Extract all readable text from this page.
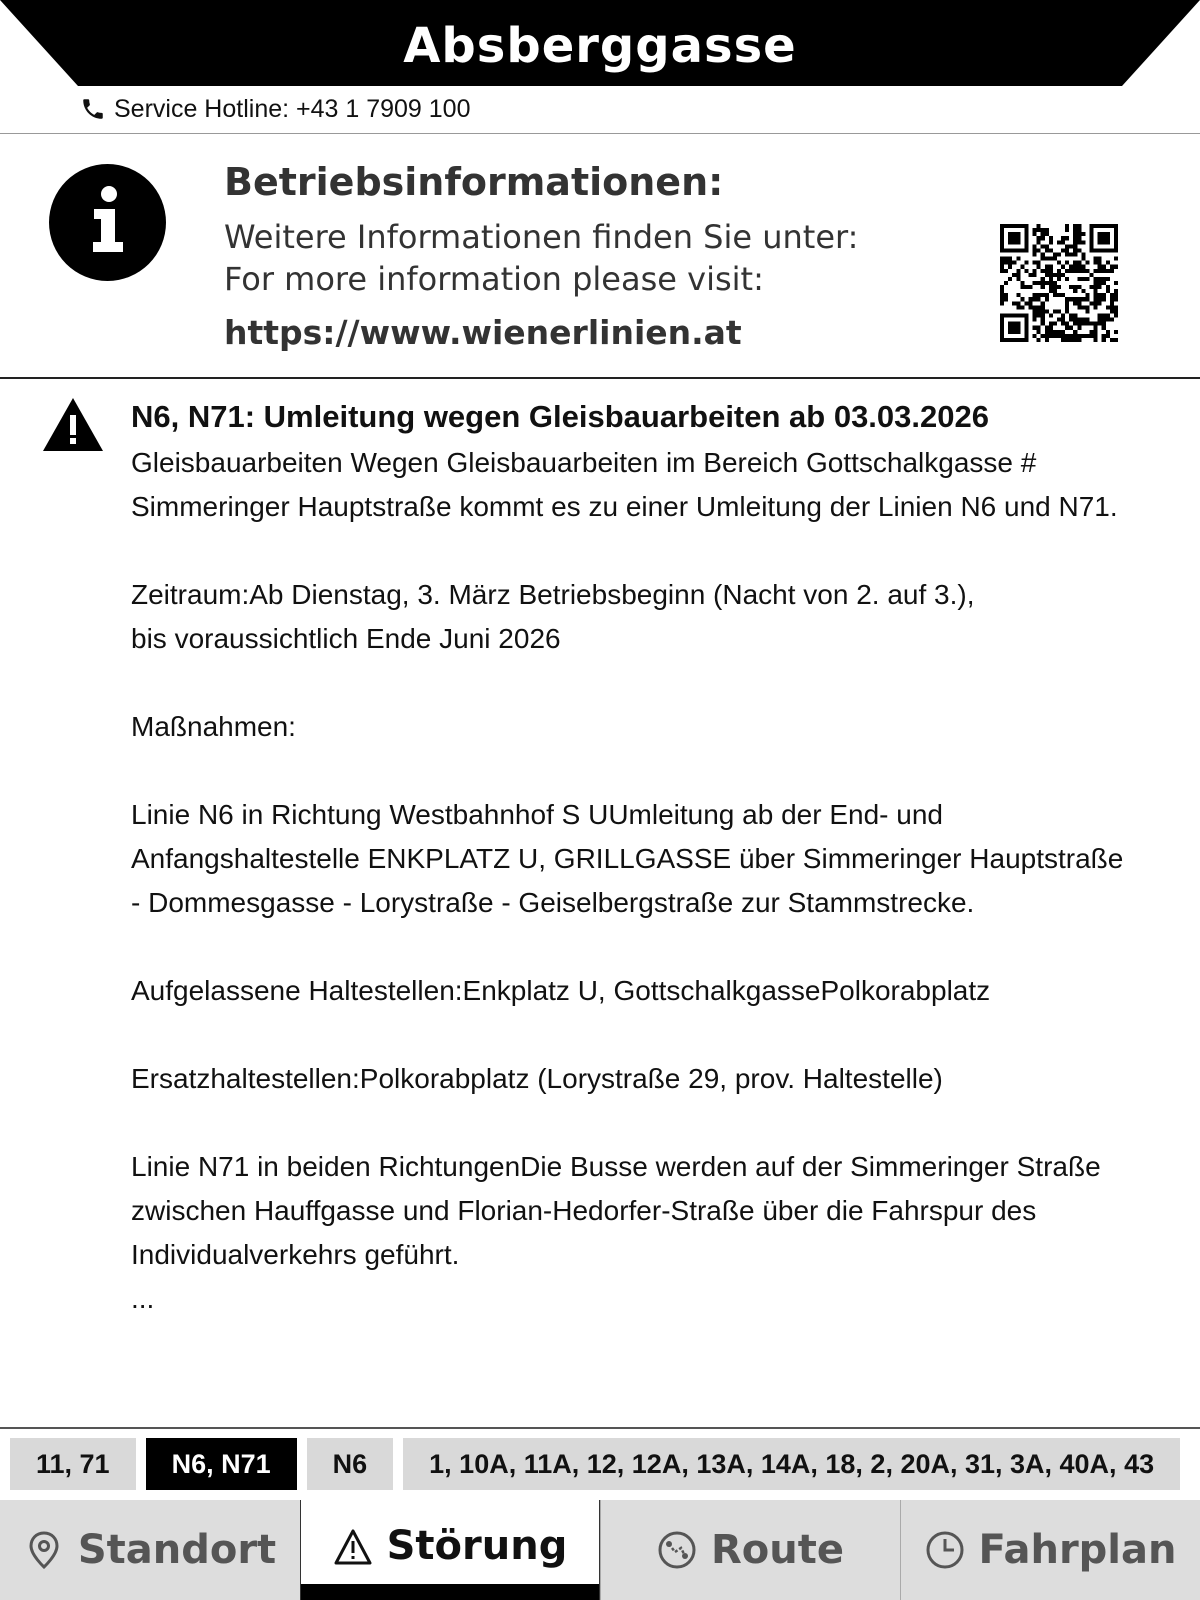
Absberggasse
Service Hotline: +43 1 7909 100
Betriebsinformationen:
Weitere Informationen finden Sie unter:
For more information please visit:
https://www.wienerlinien.at
N6, N71: Umleitung wegen Gleisbauarbeiten ab 03.03.2026
Gleisbauarbeiten Wegen Gleisbauarbeiten im Bereich Gottschalkgasse # Simmeringer Hauptstraße kommt es zu einer Umleitung der Linien N6 und N71.

Zeitraum:Ab Dienstag, 3. März Betriebsbeginn (Nacht von 2. auf 3.),
bis voraussichtlich Ende Juni 2026

Maßnahmen:

Linie N6 in Richtung Westbahnhof S UUmleitung ab der End- und Anfangshaltestelle ENKPLATZ U, GRILLGASSE über Simmeringer Hauptstraße - Dommesgasse - Lorystraße - Geiselbergstraße zur Stammstrecke.

Aufgelassene Haltestellen:Enkplatz U, GottschalkgassePolkorabplatz

Ersatzhaltestellen:Polkorabplatz (Lorystraße 29, prov. Haltestelle)

Linie N71 in beiden RichtungenDie Busse werden auf der Simmeringer Straße zwischen Hauffgasse und Florian-Hedorfer-Straße über die Fahrspur des Individualverkehrs geführt.
...
11, 71	N6, N71	N6	1, 10A, 11A, 12, 12A, 13A, 14A, 18, 2, 20A, 31, 3A, 40A, 43
Standort	Störung	Route	Fahrplan
